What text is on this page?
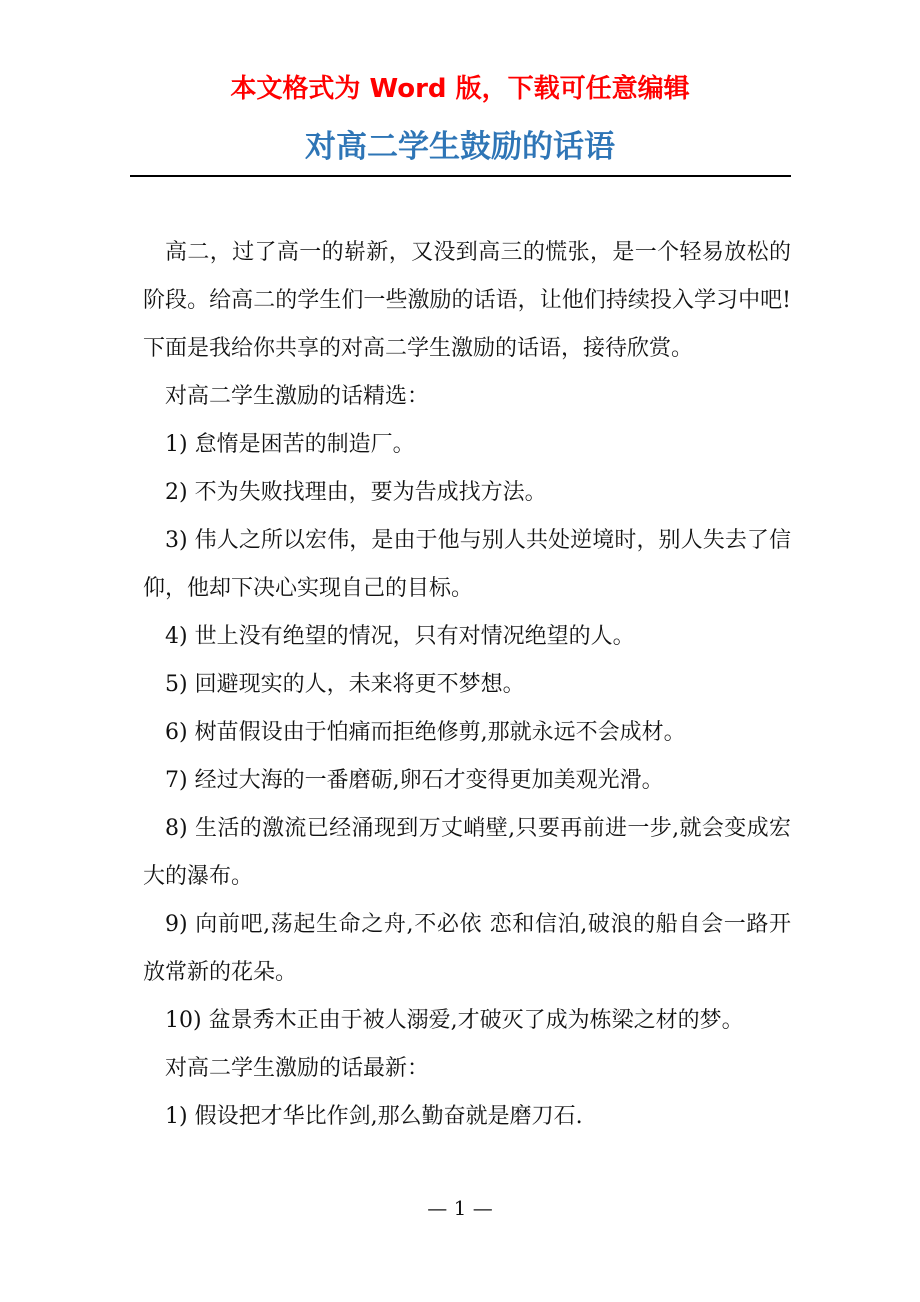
本文格式为 Word 版，下载可任意编辑
对高二学生鼓励的话语

高二，过了高一的崭新，又没到高三的慌张，是一个轻易放松的阶段。给高二的学生们一些激励的话语，让他们持续投入学习中吧!下面是我给你共享的对高二学生激励的话语，接待欣赏。

对高二学生激励的话精选：

1) 怠惰是困苦的制造厂。

2) 不为失败找理由，要为告成找方法。

3) 伟人之所以宏伟，是由于他与别人共处逆境时，别人失去了信仰，他却下决心实现自己的目标。

4) 世上没有绝望的情况，只有对情况绝望的人。

5) 回避现实的人，未来将更不梦想。

6) 树苗假设由于怕痛而拒绝修剪,那就永远不会成材。

7) 经过大海的一番磨砺,卵石才变得更加美观光滑。

8) 生活的激流已经涌现到万丈峭壁,只要再前进一步,就会变成宏大的瀑布。

9) 向前吧,荡起生命之舟,不必依 恋和信泊,破浪的船自会一路开放常新的花朵。

10) 盆景秀木正由于被人溺爱,才破灭了成为栋梁之材的梦。

对高二学生激励的话最新：

1) 假设把才华比作剑,那么勤奋就是磨刀石.

— 1 —
